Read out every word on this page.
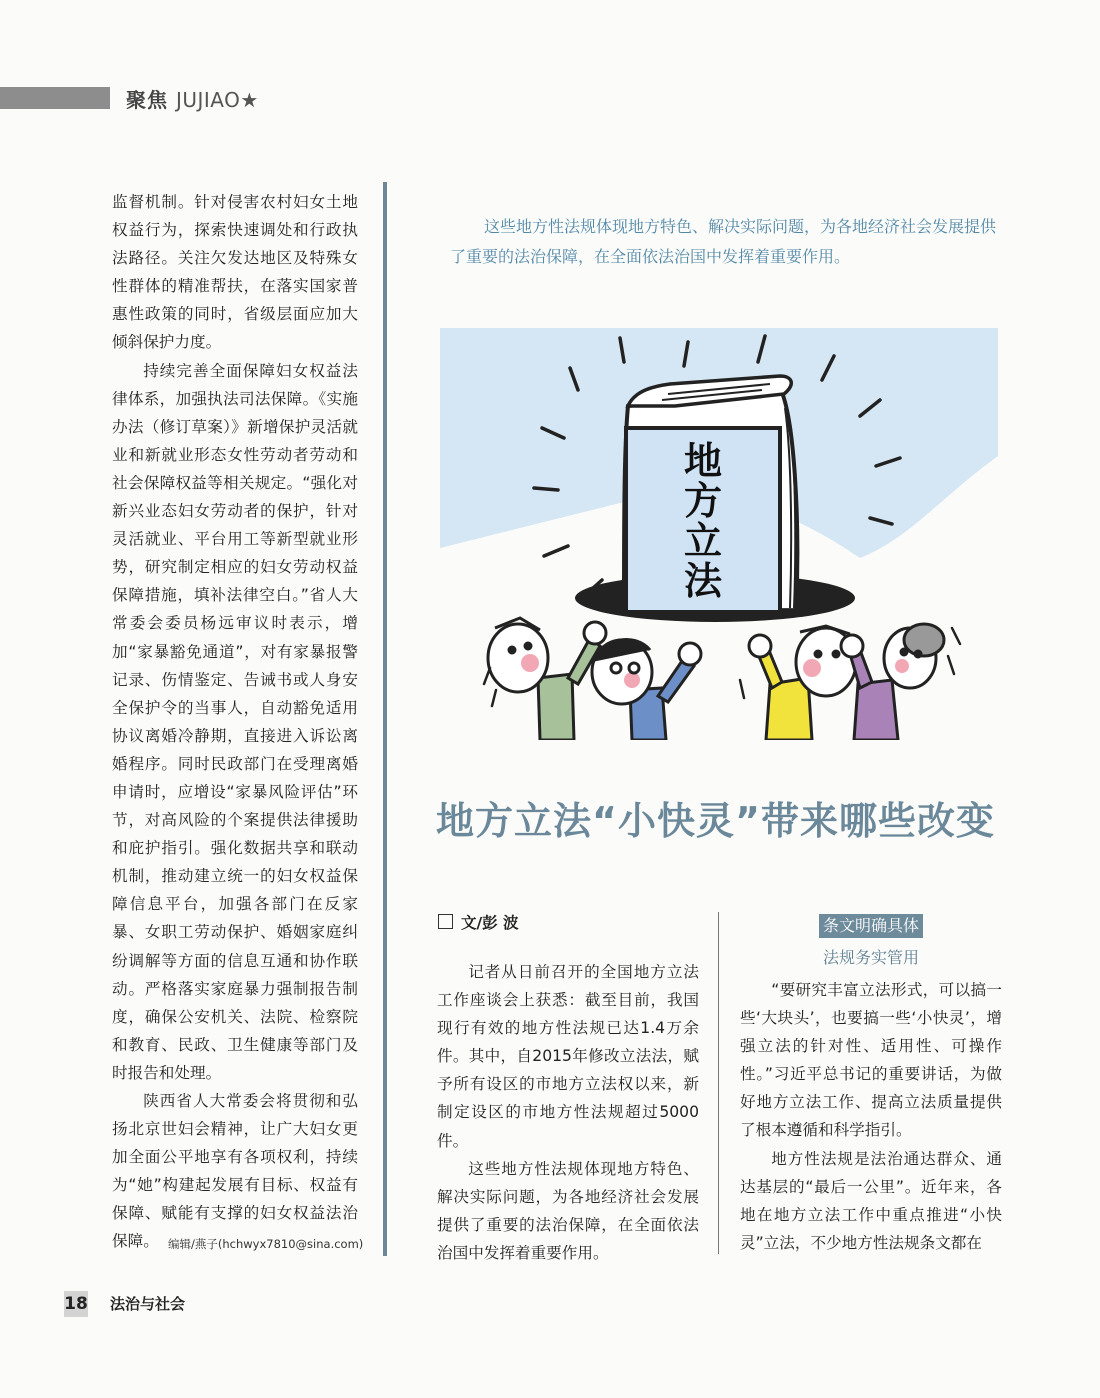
聚焦 JUJIAO★

监督机制。针对侵害农村妇女土地权益行为，探索快速调处和行政执法路径。关注欠发达地区及特殊女性群体的精准帮扶，在落实国家普惠性政策的同时，省级层面应加大倾斜保护力度。

持续完善全面保障妇女权益法律体系，加强执法司法保障。《实施办法（修订草案）》新增保护灵活就业和新就业形态女性劳动者劳动和社会保障权益等相关规定。“强化对新兴业态妇女劳动者的保护，针对灵活就业、平台用工等新型就业形势，研究制定相应的妇女劳动权益保障措施，填补法律空白。”省人大常委会委员杨远审议时表示，增加“家暴豁免通道”，对有家暴报警记录、伤情鉴定、告诫书或人身安全保护令的当事人，自动豁免适用协议离婚冷静期，直接进入诉讼离婚程序。同时民政部门在受理离婚申请时，应增设“家暴风险评估”环节，对高风险的个案提供法律援助和庇护指引。强化数据共享和联动机制，推动建立统一的妇女权益保障信息平台，加强各部门在反家暴、女职工劳动保护、婚姻家庭纠纷调解等方面的信息互通和协作联动。严格落实家庭暴力强制报告制度，确保公安机关、法院、检察院和教育、民政、卫生健康等部门及时报告和处理。

陕西省人大常委会将贯彻和弘扬北京世妇会精神，让广大妇女更加全面公平地享有各项权利，持续为“她”构建起发展有目标、权益有保障、赋能有支撑的妇女权益法治保障。 编辑/燕子(hchwyx7810@sina.com)

这些地方性法规体现地方特色、解决实际问题，为各地经济社会发展提供了重要的法治保障，在全面依法治国中发挥着重要作用。

地
方
立
法
地方立法“小快灵”带来哪些改变
文/彭 波

记者从日前召开的全国地方立法工作座谈会上获悉：截至目前，我国现行有效的地方性法规已达1.4万余件。其中，自2015年修改立法法，赋予所有设区的市地方立法权以来，新制定设区的市地方性法规超过5000件。

这些地方性法规体现地方特色、解决实际问题，为各地经济社会发展提供了重要的法治保障，在全面依法治国中发挥着重要作用。

条文明确具体
法规务实管用

“要研究丰富立法形式，可以搞一些‘大块头’，也要搞一些‘小快灵’，增强立法的针对性、适用性、可操作性。”习近平总书记的重要讲话，为做好地方立法工作、提高立法质量提供了根本遵循和科学指引。

地方性法规是法治通达群众、通达基层的“最后一公里”。近年来，各地在地方立法工作中重点推进“小快灵”立法，不少地方性法规条文都在

18 法治与社会
